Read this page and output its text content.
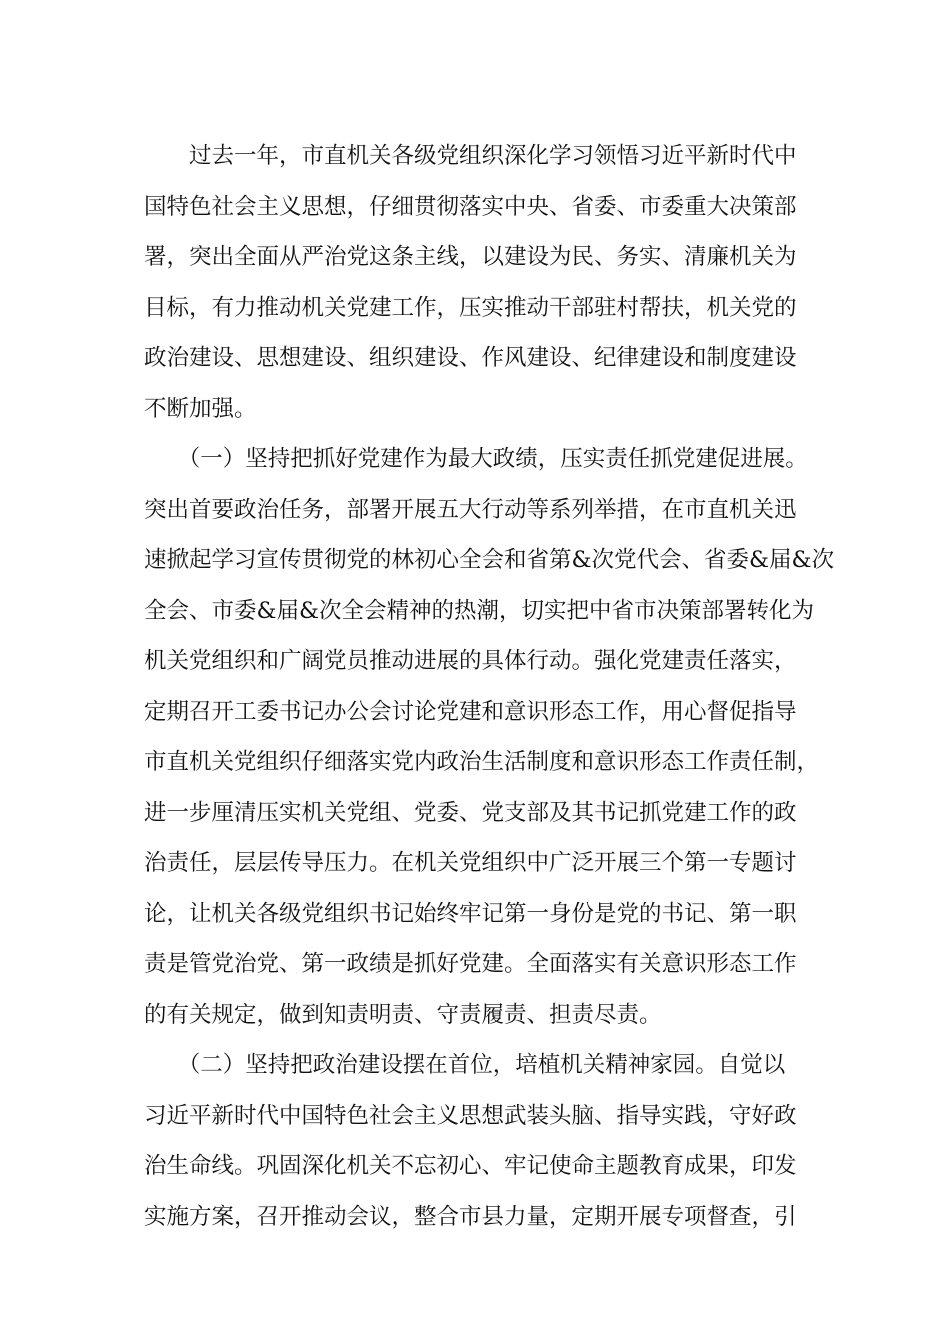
　　过去一年，市直机关各级党组织深化学习领悟习近平新时代中
国特色社会主义思想，仔细贯彻落实中央、省委、市委重大决策部
署，突出全面从严治党这条主线，以建设为民、务实、清廉机关为
目标，有力推动机关党建工作，压实推动干部驻村帮扶，机关党的
政治建设、思想建设、组织建设、作风建设、纪律建设和制度建设
不断加强。
　　（一）坚持把抓好党建作为最大政绩，压实责任抓党建促进展。
突出首要政治任务，部署开展五大行动等系列举措，在市直机关迅
速掀起学习宣传贯彻党的林初心全会和省第&次党代会、省委&届&次
全会、市委&届&次全会精神的热潮，切实把中省市决策部署转化为
机关党组织和广阔党员推动进展的具体行动。强化党建责任落实，
定期召开工委书记办公会讨论党建和意识形态工作，用心督促指导
市直机关党组织仔细落实党内政治生活制度和意识形态工作责任制，
进一步厘清压实机关党组、党委、党支部及其书记抓党建工作的政
治责任，层层传导压力。在机关党组织中广泛开展三个第一专题讨
论，让机关各级党组织书记始终牢记第一身份是党的书记、第一职
责是管党治党、第一政绩是抓好党建。全面落实有关意识形态工作
的有关规定，做到知责明责、守责履责、担责尽责。
　　（二）坚持把政治建设摆在首位，培植机关精神家园。自觉以
习近平新时代中国特色社会主义思想武装头脑、指导实践，守好政
治生命线。巩固深化机关不忘初心、牢记使命主题教育成果，印发
实施方案，召开推动会议，整合市县力量，定期开展专项督查，引
